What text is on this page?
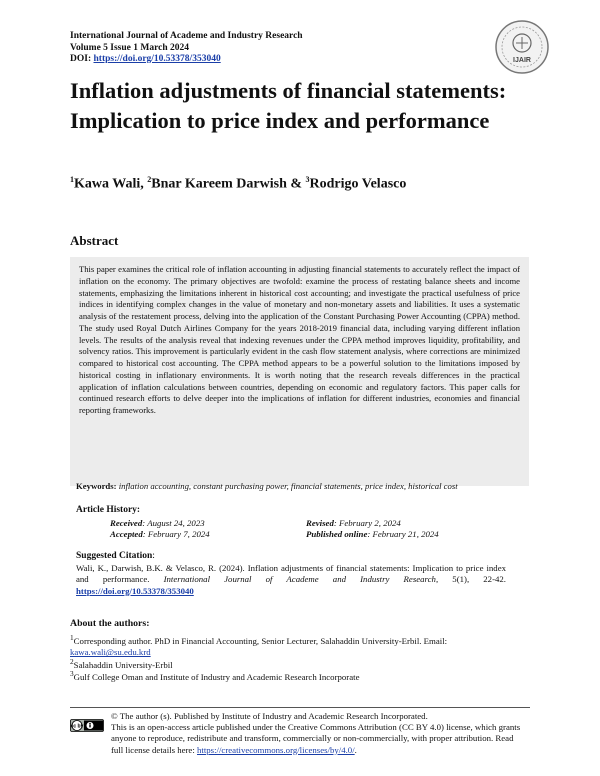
International Journal of Academe and Industry Research
Volume 5 Issue 1 March 2024
DOI: https://doi.org/10.53378/353040	IJAIR
Inflation adjustments of financial statements: Implication to price index and performance
$^1$Kawa Wali, $^2$Bnar Kareem Darwish & $^3$Rodrigo Velasco
Abstract
This paper examines the critical role of inflation accounting in adjusting financial statements to accurately reflect the impact of inflation on the economy. The primary objectives are twofold: examine the process of restating balance sheets and income statements, emphasizing the limitations inherent in historical cost accounting; and investigate the practical usefulness of price indices in identifying complex changes in the value of monetary and non-monetary assets and liabilities. It uses a systematic analysis of the restatement process, delving into the application of the Constant Purchasing Power Accounting (CPPA) method. The study used Royal Dutch Airlines Company for the years 2018-2019 financial data, including varying different inflation levels. The results of the analysis reveal that indexing revenues under the CPPA method improves liquidity, profitability, and solvency ratios. This improvement is particularly evident in the cash flow statement analysis, where corrections are minimized compared to historical cost accounting. The CPPA method appears to be a powerful solution to the limitations imposed by historical costing in inflationary environments. It is worth noting that the research reveals differences in the practical application of inflation calculations between countries, depending on economic and regulatory factors. This paper calls for continued research efforts to delve deeper into the implications of inflation for different industries, economies and financial reporting frameworks.
Keywords: inflation accounting, constant purchasing power, financial statements, price index, historical cost
Article History:
Received: August 24, 2023
Accepted: February 7, 2024
Revised: February 2, 2024
Published online: February 21, 2024
Suggested Citation:
Wali, K., Darwish, B.K. & Velasco, R. (2024). Inflation adjustments of financial statements: Implication to price index and performance. International Journal of Academe and Industry Research, 5(1), 22-42. https://doi.org/10.53378/353040
About the authors:
$^1$Corresponding author. PhD in Financial Accounting, Senior Lecturer, Salahaddin University-Erbil. Email: kawa.wali@su.edu.krd
$^2$Salahaddin University-Erbil
$^3$Gulf College Oman and Institute of Industry and Academic Research Incorporate
cc by
© The author (s). Published by Institute of Industry and Academic Research Incorporated.
This is an open-access article published under the Creative Commons Attribution (CC BY 4.0) license, which grants anyone to reproduce, redistribute and transform, commercially or non-commercially, with proper attribution. Read full license details here: https://creativecommons.org/licenses/by/4.0/.
